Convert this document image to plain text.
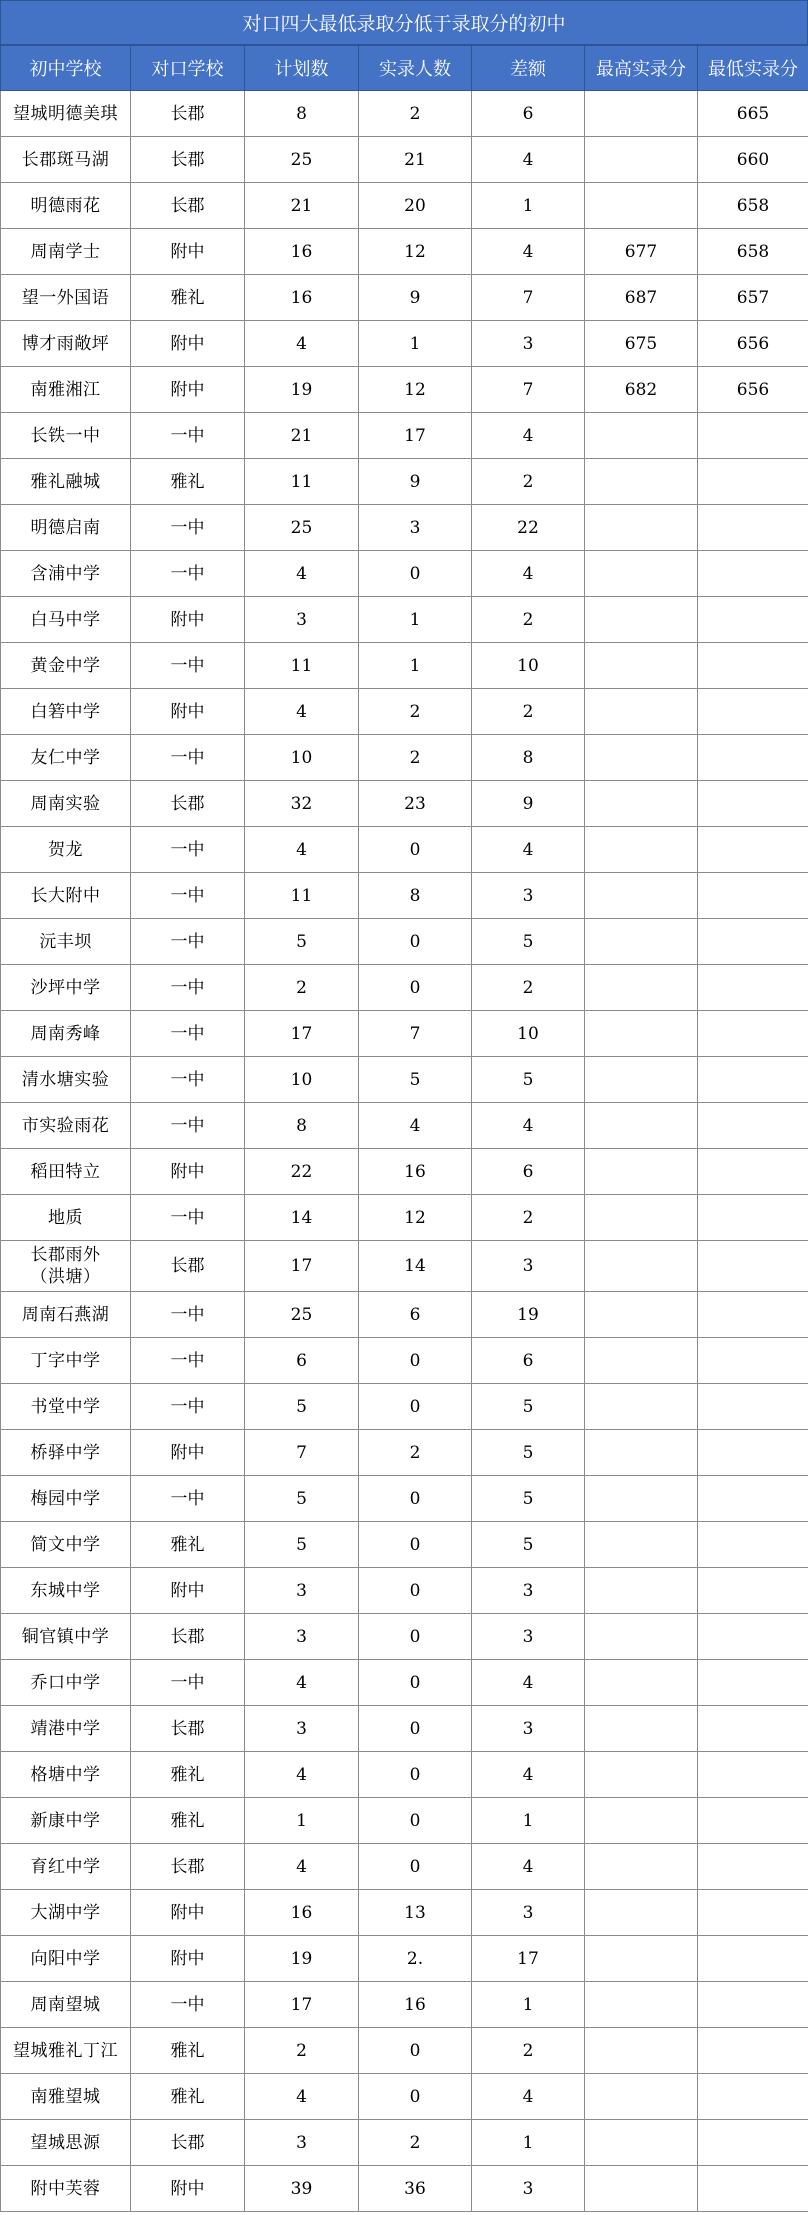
对口四大最低录取分低于录取分的初中
初中学校	对口学校	计划数	实录人数	差额	最高实录分	最低实录分
望城明德美琪	长郡	8	2	6		665
长郡斑马湖	长郡	25	21	4		660
明德雨花	长郡	21	20	1		658
周南学士	附中	16	12	4	677	658
望一外国语	雅礼	16	9	7	687	657
博才雨敞坪	附中	4	1	3	675	656
南雅湘江	附中	19	12	7	682	656
长铁一中	一中	21	17	4		
雅礼融城	雅礼	11	9	2		
明德启南	一中	25	3	22		
含浦中学	一中	4	0	4		
白马中学	附中	3	1	2		
黄金中学	一中	11	1	10		
白箬中学	附中	4	2	2		
友仁中学	一中	10	2	8		
周南实验	长郡	32	23	9		
贺龙	一中	4	0	4		
长大附中	一中	11	8	3		
沅丰坝	一中	5	0	5		
沙坪中学	一中	2	0	2		
周南秀峰	一中	17	7	10		
清水塘实验	一中	10	5	5		
市实验雨花	一中	8	4	4		
稻田特立	附中	22	16	6		
地质	一中	14	12	2		
长郡雨外
（洪塘）	长郡	17	14	3		
周南石燕湖	一中	25	6	19		
丁字中学	一中	6	0	6		
书堂中学	一中	5	0	5		
桥驿中学	附中	7	2	5		
梅园中学	一中	5	0	5		
简文中学	雅礼	5	0	5		
东城中学	附中	3	0	3		
铜官镇中学	长郡	3	0	3		
乔口中学	一中	4	0	4		
靖港中学	长郡	3	0	3		
格塘中学	雅礼	4	0	4		
新康中学	雅礼	1	0	1		
育红中学	长郡	4	0	4		
大湖中学	附中	16	13	3		
向阳中学	附中	19	2.	17		
周南望城	一中	17	16	1		
望城雅礼丁江	雅礼	2	0	2		
南雅望城	雅礼	4	0	4		
望城思源	长郡	3	2	1		
附中芙蓉	附中	39	36	3		
